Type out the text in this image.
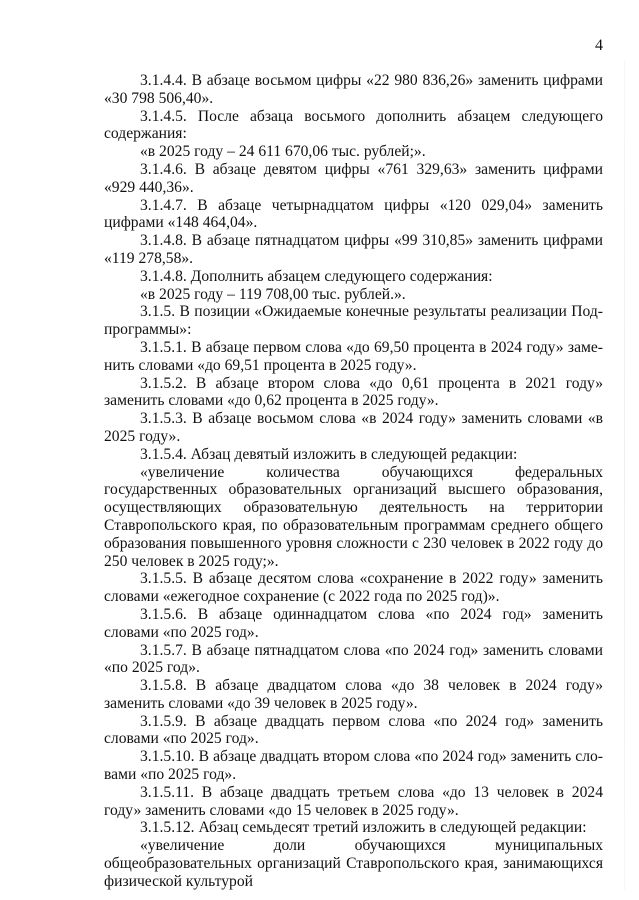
4

3.1.4.4. В абзаце восьмом цифры «22 980 836,26» заменить цифрами «30 798 506,40».

3.1.4.5. После абзаца восьмого дополнить абзацем следующего содержания:

«в 2025 году – 24 611 670,06 тыс. рублей;».

3.1.4.6. В абзаце девятом цифры «761 329,63» заменить цифрами «929 440,36».

3.1.4.7. В абзаце четырнадцатом цифры «120 029,04» заменить цифрами «148 464,04».

3.1.4.8. В абзаце пятнадцатом цифры «99 310,85» заменить цифрами «119 278,58».

3.1.4.8. Дополнить абзацем следующего содержания:

«в 2025 году – 119 708,00 тыс. рублей.».

3.1.5. В позиции «Ожидаемые конечные результаты реализации Подпрограммы»:

3.1.5.1. В абзаце первом слова «до 69,50 процента в 2024 году» заменить словами «до 69,51 процента в 2025 году».

3.1.5.2. В абзаце втором слова «до 0,61 процента в 2021 году» заменить словами «до 0,62 процента в 2025 году».

3.1.5.3. В абзаце восьмом слова «в 2024 году» заменить словами «в 2025 году».

3.1.5.4. Абзац девятый изложить в следующей редакции:

«увеличение количества обучающихся федеральных государственных образовательных организаций высшего образования, осуществляющих образовательную деятельность на территории Ставропольского края, по образовательным программам среднего общего образования повышенного уровня сложности с 230 человек в 2022 году до 250 человек в 2025 году;».

3.1.5.5. В абзаце десятом слова «сохранение в 2022 году» заменить словами «ежегодное сохранение (с 2022 года по 2025 год)».

3.1.5.6. В абзаце одиннадцатом слова «по 2024 год» заменить словами «по 2025 год».

3.1.5.7. В абзаце пятнадцатом слова «по 2024 год» заменить словами «по 2025 год».

3.1.5.8. В абзаце двадцатом слова «до 38 человек в 2024 году» заменить словами «до 39 человек в 2025 году».

3.1.5.9. В абзаце двадцать первом слова «по 2024 год» заменить словами «по 2025 год».

3.1.5.10. В абзаце двадцать втором слова «по 2024 год» заменить словами «по 2025 год».

3.1.5.11. В абзаце двадцать третьем слова «до 13 человек в 2024 году» заменить словами «до 15 человек в 2025 году».

3.1.5.12. Абзац семьдесят третий изложить в следующей редакции:

«увеличение доли обучающихся муниципальных общеобразовательных организаций Ставропольского края, занимающихся физической культурой
